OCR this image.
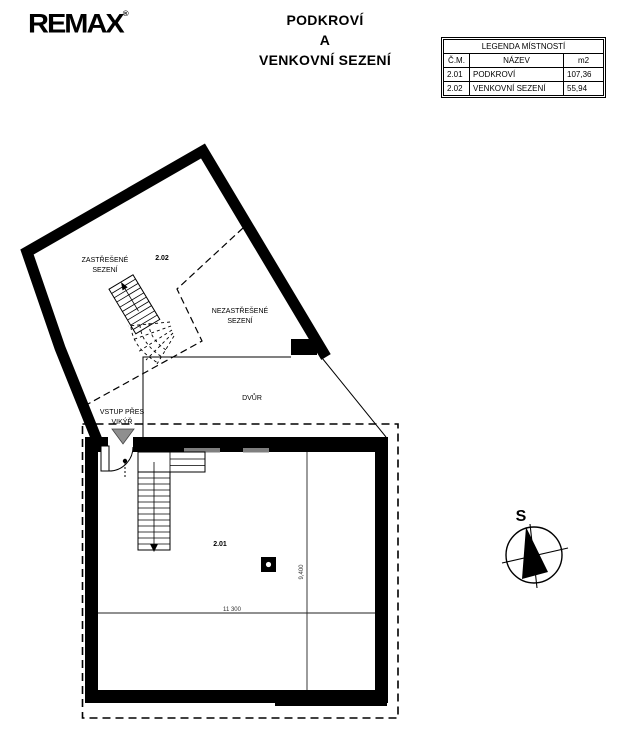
REMAX®	PODKROVÍ
A
VENKOVNÍ SEZENÍ
LEGENDA MÍSTNOSTÍ		
Č.M.	NÁZEV	m2
2.01	PODKROVÍ	107,36
2.02	VENKOVNÍ SEZENÍ	55,94
ZASTŘEŠENÉ
SEZENÍ
2.02
NEZASTŘEŠENÉ
SEZENÍ
DVŮR
VSTUP PŘES
VIKÝŘ
2.01
11 300
9,400
S
